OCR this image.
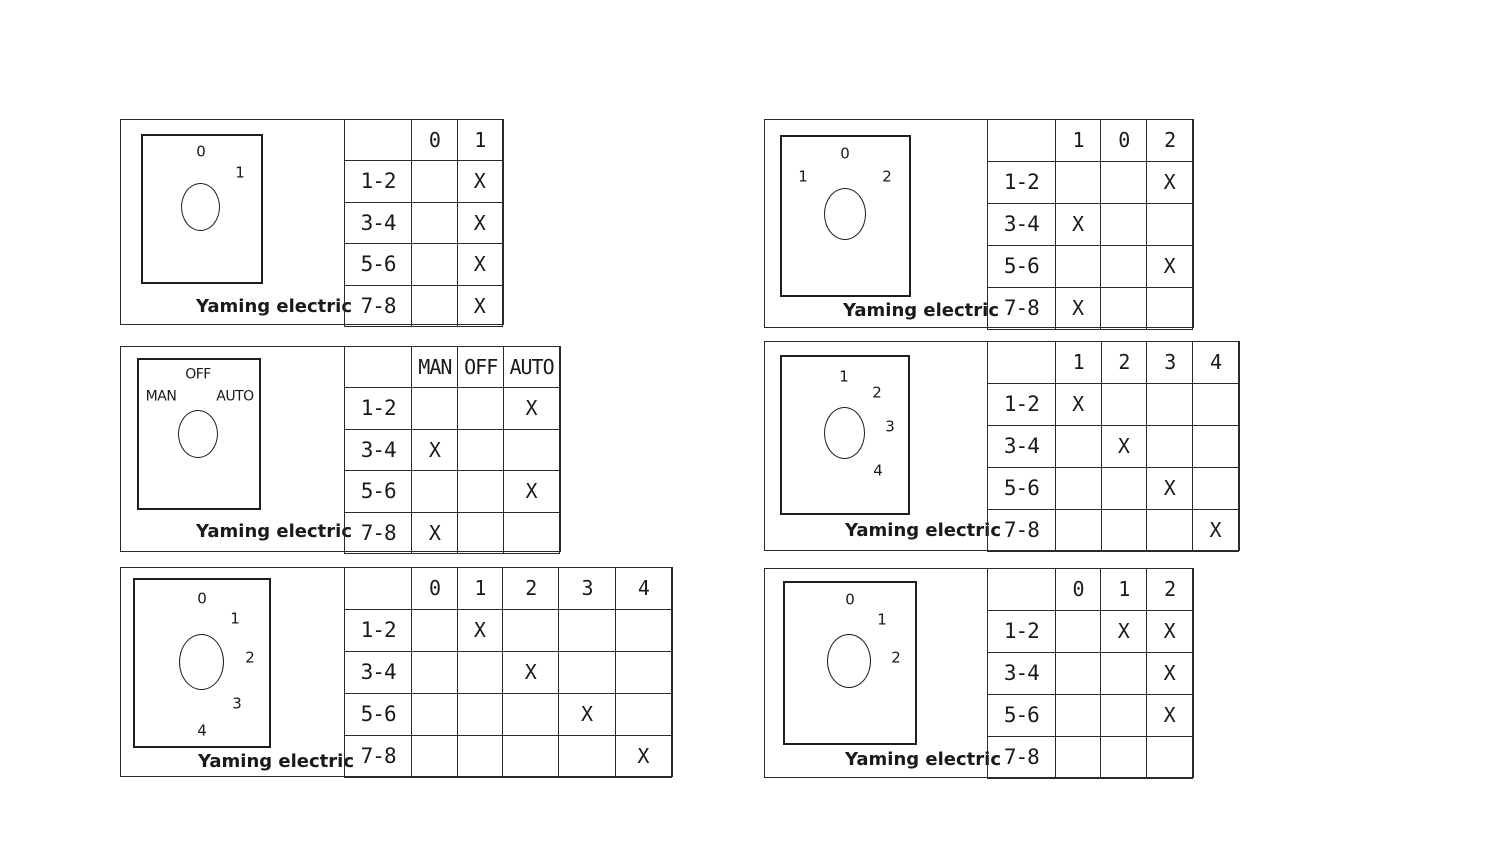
0
1
Yaming electric
	0	1
1-2		X
3-4		X
5-6		X
7-8		X
1
0
2
Yaming electric
	1	0	2
1-2			X
3-4	X		
5-6			X
7-8	X		
MAN
OFF
AUTO
Yaming electric
	MAN	OFF	AUTO
1-2			X
3-4	X		
5-6			X
7-8	X		
1
2
3
4
Yaming electric
	1	2	3	4
1-2	X			
3-4		X		
5-6			X	
7-8				X
0
1
2
3
4
Yaming electric
	0	1	2	3	4
1-2		X			
3-4			X		
5-6				X	
7-8					X
0
1
2
Yaming electric
	0	1	2
1-2		X	X
3-4			X
5-6			X
7-8			
